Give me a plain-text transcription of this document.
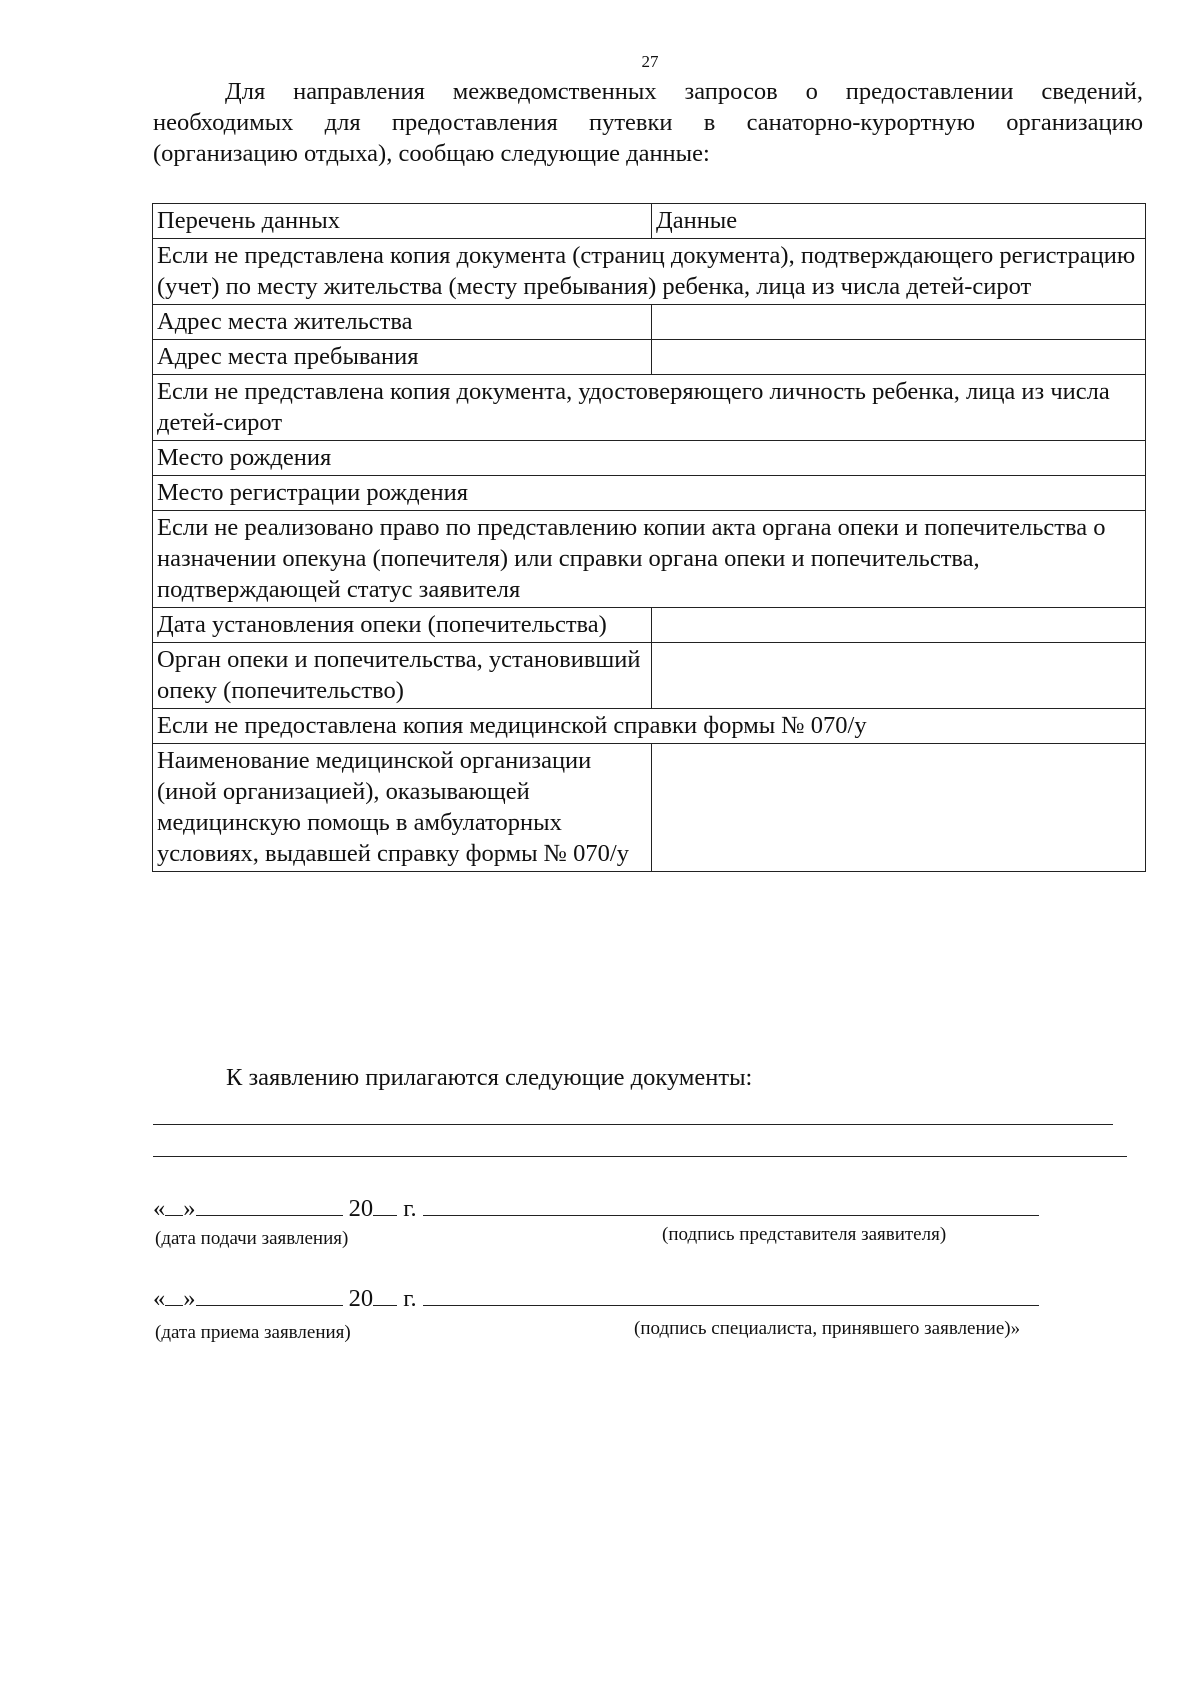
27
Для направления межведомственных запросов о предоставлении сведений, необходимых для предоставления путевки в санаторно-курортную организацию (организацию отдыха), сообщаю следующие данные:
Перечень данных	Данные
Если не представлена копия документа (страниц документа), подтверждающего регистрацию (учет) по месту жительства (месту пребывания) ребенка, лица из числа детей-сирот	
Адрес места жительства	
Адрес места пребывания	
Если не представлена копия документа, удостоверяющего личность ребенка, лица из числа детей-сирот	
Место рождения	
Место регистрации рождения	
Если не реализовано право по представлению копии акта органа опеки и попечительства о назначении опекуна (попечителя) или справки органа опеки и попечительства, подтверждающей статус заявителя	
Дата установления опеки (попечительства)	
Орган опеки и попечительства, установивший опеку (попечительство)	
Если не предоставлена копия медицинской справки формы № 070/у	
Наименование медицинской организации (иной организацией), оказывающей медицинскую помощь в амбулаторных условиях, выдавшей справку формы № 070/у	
К заявлению прилагаются следующие документы:
« »	20 г.
(дата подачи заявления)	(подпись представителя заявителя)
« »	20 г.
(дата приема заявления)	(подпись специалиста, принявшего заявление)»
